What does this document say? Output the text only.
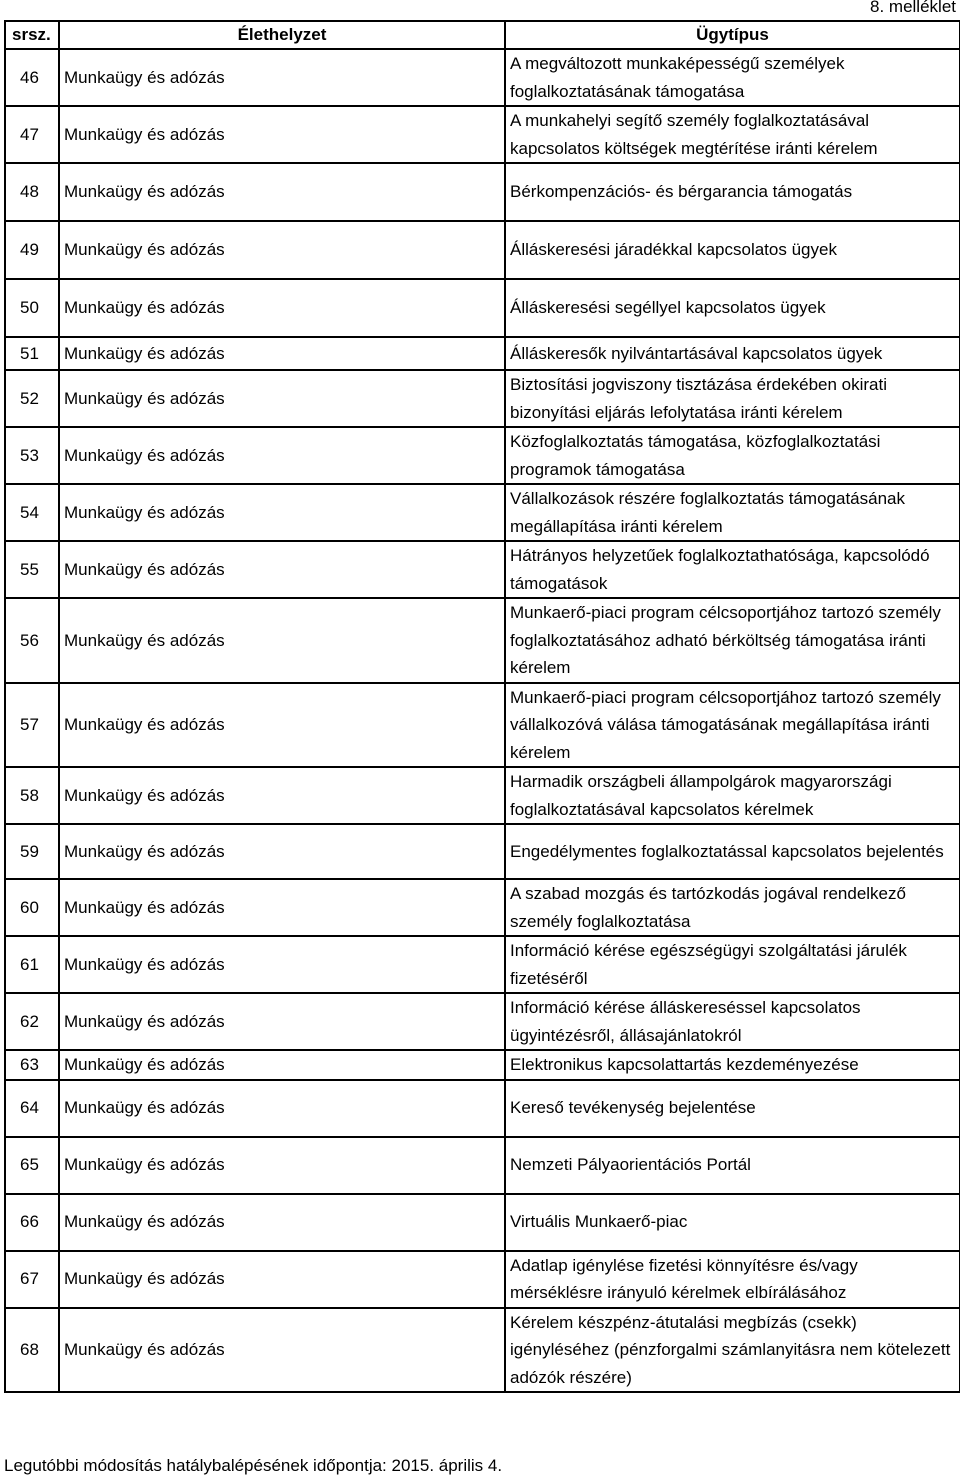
8. melléklet
srsz.	Élethelyzet	Ügytípus
46	Munkaügy és adózás	A megváltozott munkaképességű személyek foglalkoztatásának támogatása
47	Munkaügy és adózás	A munkahelyi segítő személy foglalkoztatásával kapcsolatos költségek megtérítése iránti kérelem
48	Munkaügy és adózás	Bérkompenzációs- és bérgarancia támogatás
49	Munkaügy és adózás	Álláskeresési járadékkal kapcsolatos ügyek
50	Munkaügy és adózás	Álláskeresési segéllyel kapcsolatos ügyek
51	Munkaügy és adózás	Álláskeresők nyilvántartásával kapcsolatos ügyek
52	Munkaügy és adózás	Biztosítási jogviszony tisztázása érdekében okirati bizonyítási eljárás lefolytatása iránti kérelem
53	Munkaügy és adózás	Közfoglalkoztatás támogatása, közfoglalkoztatási programok támogatása
54	Munkaügy és adózás	Vállalkozások részére foglalkoztatás támogatásának megállapítása iránti kérelem
55	Munkaügy és adózás	Hátrányos helyzetűek foglalkoztathatósága, kapcsolódó támogatások
56	Munkaügy és adózás	Munkaerő-piaci program célcsoportjához tartozó személy foglalkoztatásához adható bérköltség támogatása iránti kérelem
57	Munkaügy és adózás	Munkaerő-piaci program célcsoportjához tartozó személy vállalkozóvá válása támogatásának megállapítása iránti kérelem
58	Munkaügy és adózás	Harmadik országbeli állampolgárok magyarországi foglalkoztatásával kapcsolatos kérelmek
59	Munkaügy és adózás	Engedélymentes foglalkoztatással kapcsolatos bejelentés
60	Munkaügy és adózás	A szabad mozgás és tartózkodás jogával rendelkező személy foglalkoztatása
61	Munkaügy és adózás	Információ kérése egészségügyi szolgáltatási járulék fizetéséről
62	Munkaügy és adózás	Információ kérése álláskereséssel kapcsolatos ügyintézésről, állásajánlatokról
63	Munkaügy és adózás	Elektronikus kapcsolattartás kezdeményezése
64	Munkaügy és adózás	Kereső tevékenység bejelentése
65	Munkaügy és adózás	Nemzeti Pályaorientációs Portál
66	Munkaügy és adózás	Virtuális Munkaerő-piac
67	Munkaügy és adózás	Adatlap igénylése fizetési könnyítésre és/vagy mérséklésre irányuló kérelmek elbírálásához
68	Munkaügy és adózás	Kérelem készpénz-átutalási megbízás (csekk) igényléséhez (pénzforgalmi számlanyitásra nem kötelezett adózók részére)
Legutóbbi módosítás hatálybalépésének időpontja: 2015. április 4.
